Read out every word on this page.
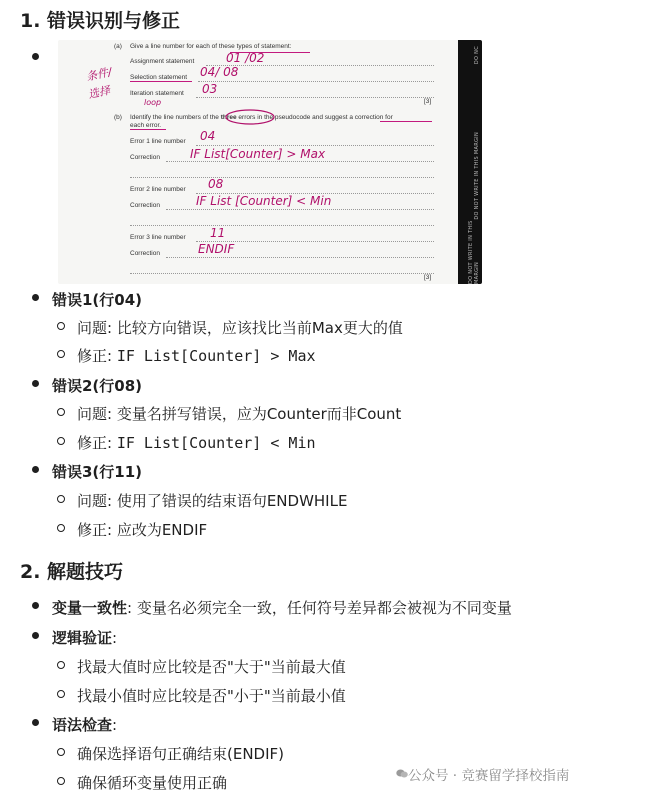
1. 错误识别与修正
DO NC
DO NOT WRITE IN THIS MARGIN
DO NOT WRITE IN THIS MARGIN
(a) Give a line number for each of these types of statement:
Assignment statement	01 /02
Selection statement 04/ 08
Iteration statement 03
loop	[3]
条件/
选择
(b) Identify the line numbers of the three errors in the pseudocode and suggest a correction for
each error.
Error 1 line number 04
Correction	IF List[Counter] > Max
Error 2 line number 08
Correction	IF List [Counter] < Min
Error 3 line number 11
Correction	ENDIF
[3]
错误1(行04)
问题: 比较方向错误，应该找比当前Max更大的值
修正: IF List[Counter] > Max
错误2(行08)
问题: 变量名拼写错误，应为Counter而非Count
修正: IF List[Counter] < Min
错误3(行11)
问题: 使用了错误的结束语句ENDWHILE
修正: 应改为ENDIF
2. 解题技巧
变量一致性: 变量名必须完全一致，任何符号差异都会被视为不同变量
逻辑验证:
找最大值时应比较是否"大于"当前最大值
找最小值时应比较是否"小于"当前最小值
语法检查:
确保选择语句正确结束(ENDIF)
确保循环变量使用正确	公众号 · 竞赛留学择校指南
